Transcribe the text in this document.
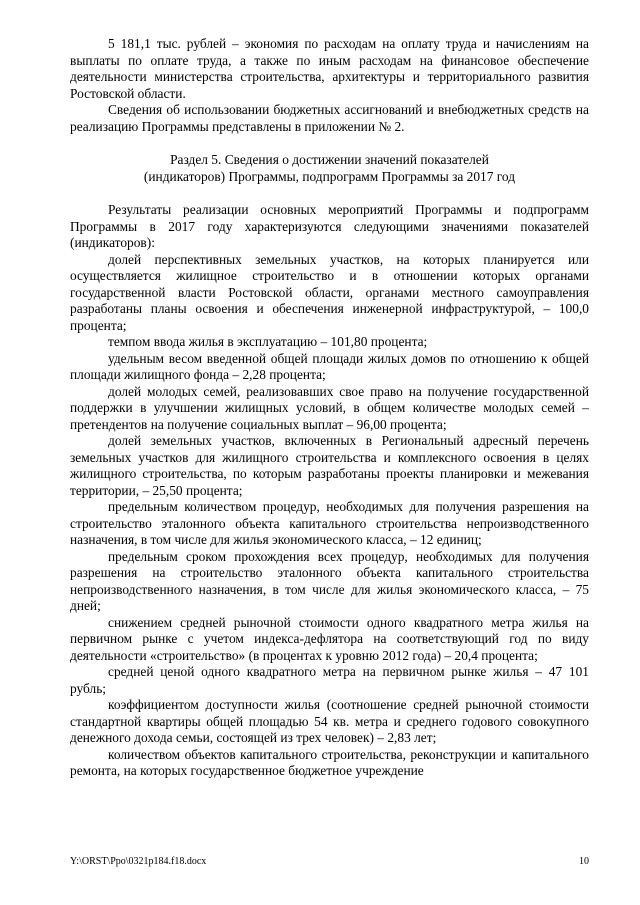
5 181,1 тыс. рублей – экономия по расходам на оплату труда и начислениям на выплаты по оплате труда, а также по иным расходам на финансовое обеспечение деятельности министерства строительства, архитектуры и территориального развития Ростовской области.

Сведения об использовании бюджетных ассигнований и внебюджетных средств на реализацию Программы представлены в приложении № 2.

Раздел 5. Сведения о достижении значений показателей
(индикаторов) Программы, подпрограмм Программы за 2017 год

Результаты реализации основных мероприятий Программы и подпрограмм Программы в 2017 году характеризуются следующими значениями показателей (индикаторов):

долей перспективных земельных участков, на которых планируется или осуществляется жилищное строительство и в отношении которых органами государственной власти Ростовской области, органами местного самоуправления разработаны планы освоения и обеспечения инженерной инфраструктурой, – 100,0 процента;

темпом ввода жилья в эксплуатацию – 101,80 процента;

удельным весом введенной общей площади жилых домов по отношению к общей площади жилищного фонда – 2,28 процента;

долей молодых семей, реализовавших свое право на получение государственной поддержки в улучшении жилищных условий, в общем количестве молодых семей – претендентов на получение социальных выплат – 96,00 процента;

долей земельных участков, включенных в Региональный адресный перечень земельных участков для жилищного строительства и комплексного освоения в целях жилищного строительства, по которым разработаны проекты планировки и межевания территории, – 25,50 процента;

предельным количеством процедур, необходимых для получения разрешения на строительство эталонного объекта капитального строительства непроизводственного назначения, в том числе для жилья экономического класса, – 12 единиц;

предельным сроком прохождения всех процедур, необходимых для получения разрешения на строительство эталонного объекта капитального строительства непроизводственного назначения, в том числе для жилья экономического класса, – 75 дней;

снижением средней рыночной стоимости одного квадратного метра жилья на первичном рынке с учетом индекса-дефлятора на соответствующий год по виду деятельности «строительство» (в процентах к уровню 2012 года) – 20,4 процента;

средней ценой одного квадратного метра на первичном рынке жилья – 47 101 рубль;

коэффициентом доступности жилья (соотношение средней рыночной стоимости стандартной квартиры общей площадью 54 кв. метра и среднего годового совокупного денежного дохода семьи, состоящей из трех человек) – 2,83 лет;

количеством объектов капитального строительства, реконструкции и капитального ремонта, на которых государственное бюджетное учреждение

Y:\ORST\Ppo\0321p184.f18.docx	10
